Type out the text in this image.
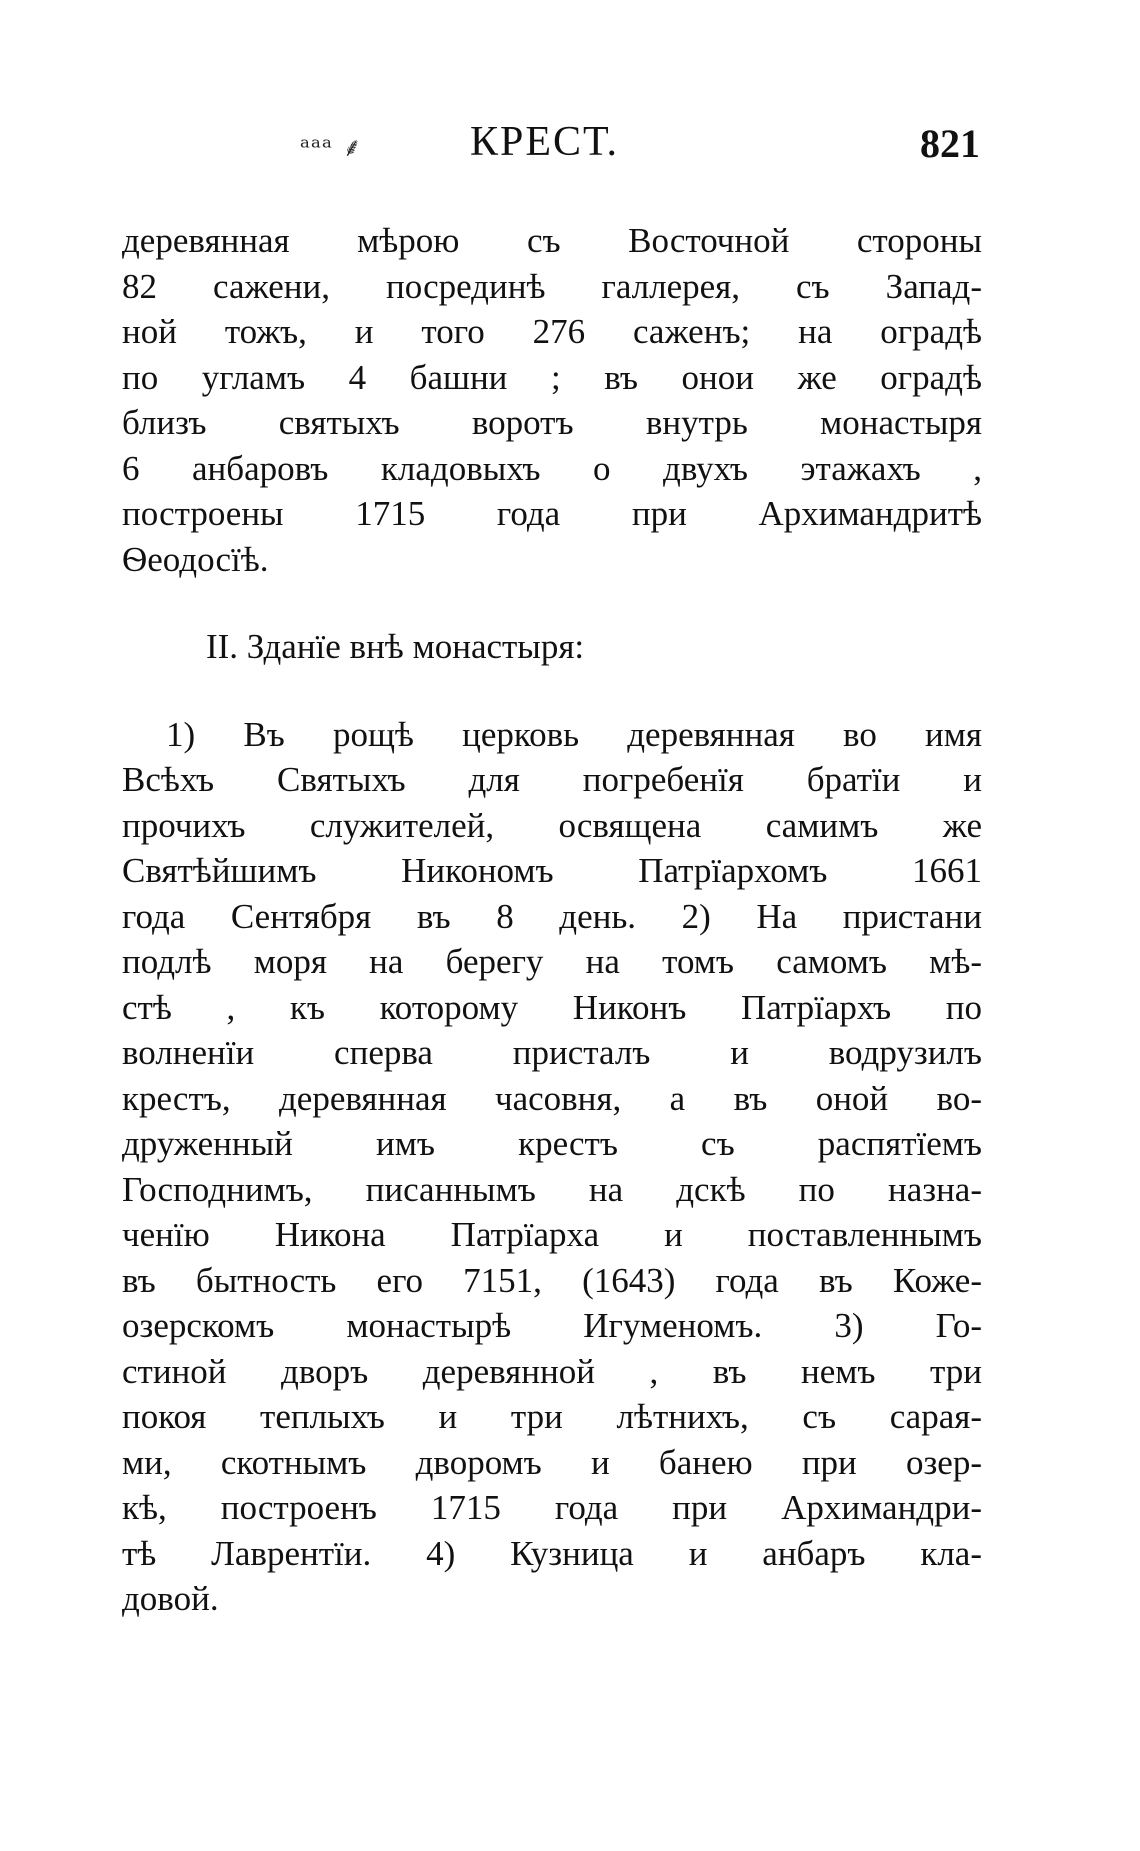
ᵃᵃᵃ ⸙	КРЕСТ.	821
деревянная мѣрою съ Восточной стороны
82 сажени, посрединѣ галлерея, съ Запад-
ной тожъ, и того 276 саженъ; на оградѣ
по угламъ 4 башни ; въ онои же оградѣ
близъ святыхъ воротъ внутрь монастыря
6 анбаровъ кладовыхъ о двухъ этажахъ ,
построены 1715 года при Архимандритѣ
Ѳеодосїѣ.
II. Зданїе внѣ монастыря:
1) Въ рощѣ церковь деревянная во имя
Всѣхъ Святыхъ для погребенїя братїи и
прочихъ служителей, освящена самимъ же
Святѣйшимъ Никономъ Патрїархомъ 1661
года Сентября въ 8 день. 2) На пристани
подлѣ моря на берегу на томъ самомъ мѣ-
стѣ , къ которому Никонъ Патрїархъ по
волненїи сперва присталъ и водрузилъ
крестъ, деревянная часовня, а въ оной во-
друженный имъ крестъ съ распятїемъ
Господнимъ, писаннымъ на дскѣ по назна-
ченїю Никона Патрїарха и поставленнымъ
въ бытность его 7151, (1643) года въ Коже-
озерскомъ монастырѣ Игуменомъ. 3) Го-
стиной дворъ деревянной , въ немъ три
покоя теплыхъ и три лѣтнихъ, съ сарая-
ми, скотнымъ дворомъ и банею при озер-
кѣ, построенъ 1715 года при Архимандри-
тѣ Лаврентїи. 4) Кузница и анбаръ кла-
довой.
